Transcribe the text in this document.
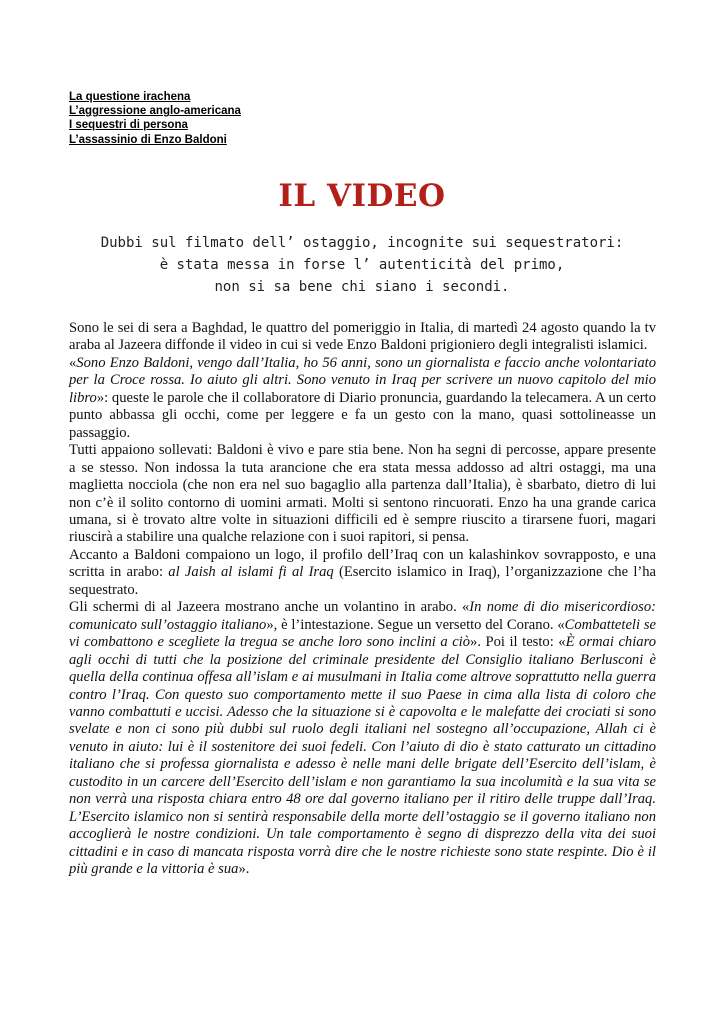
La questione irachena
L’aggressione anglo-americana
I sequestri di persona
L’assassinio di Enzo Baldoni
IL VIDEO
Dubbi sul filmato dell’ ostaggio, incognite sui sequestratori:
è stata messa in forse l’ autenticità del primo,
non si sa bene chi siano i secondi.

Sono le sei di sera a Baghdad, le quattro del pomeriggio in Italia, di martedì 24 agosto quando la tv araba al Jazeera diffonde il video in cui si vede Enzo Baldoni prigioniero degli integralisti islamici.

«Sono Enzo Baldoni, vengo dall’Italia, ho 56 anni, sono un giornalista e faccio anche volontariato per la Croce rossa. Io aiuto gli altri. Sono venuto in Iraq per scrivere un nuovo capitolo del mio libro»: queste le parole che il collaboratore di Diario pronuncia, guardando la telecamera. A un certo punto abbassa gli occhi, come per leggere e fa un gesto con la mano, quasi sottolineasse un passaggio.

Tutti appaiono sollevati: Baldoni è vivo e pare stia bene. Non ha segni di percosse, appare presente a se stesso. Non indossa la tuta arancione che era stata messa addosso ad altri ostaggi, ma una maglietta nocciola (che non era nel suo bagaglio alla partenza dall’Italia), è sbarbato, dietro di lui non c’è il solito contorno di uomini armati. Molti si sentono rincuorati. Enzo ha una grande carica umana, si è trovato altre volte in situazioni difficili ed è sempre riuscito a tirarsene fuori, magari riuscirà a stabilire una qualche relazione con i suoi rapitori, si pensa.

Accanto a Baldoni compaiono un logo, il profilo dell’Iraq con un kalashinkov sovrapposto, e una scritta in arabo: al Jaish al islami fi al Iraq (Esercito islamico in Iraq), l’organizzazione che l’ha sequestrato.

Gli schermi di al Jazeera mostrano anche un volantino in arabo. «In nome di dio misericordioso: comunicato sull’ostaggio italiano», è l’intestazione. Segue un versetto del Corano. «Combatteteli se vi combattono e scegliete la tregua se anche loro sono inclini a ciò». Poi il testo: «È ormai chiaro agli occhi di tutti che la posizione del criminale presidente del Consiglio italiano Berlusconi è quella della continua offesa all’islam e ai musulmani in Italia come altrove soprattutto nella guerra contro l’Iraq. Con questo suo comportamento mette il suo Paese in cima alla lista di coloro che vanno combattuti e uccisi. Adesso che la situazione si è capovolta e le malefatte dei crociati si sono svelate e non ci sono più dubbi sul ruolo degli italiani nel sostegno all’occupazione, Allah ci è venuto in aiuto: lui è il sostenitore dei suoi fedeli. Con l’aiuto di dio è stato catturato un cittadino italiano che si professa giornalista e adesso è nelle mani delle brigate dell’Esercito dell’islam, è custodito in un carcere dell’Esercito dell’islam e non garantiamo la sua incolumità e la sua vita se non verrà una risposta chiara entro 48 ore dal governo italiano per il ritiro delle truppe dall’Iraq. L’Esercito islamico non si sentirà responsabile della morte dell’ostaggio se il governo italiano non accoglierà le nostre condizioni. Un tale comportamento è segno di disprezzo della vita dei suoi cittadini e in caso di mancata risposta vorrà dire che le nostre richieste sono state respinte. Dio è il più grande e la vittoria è sua».
